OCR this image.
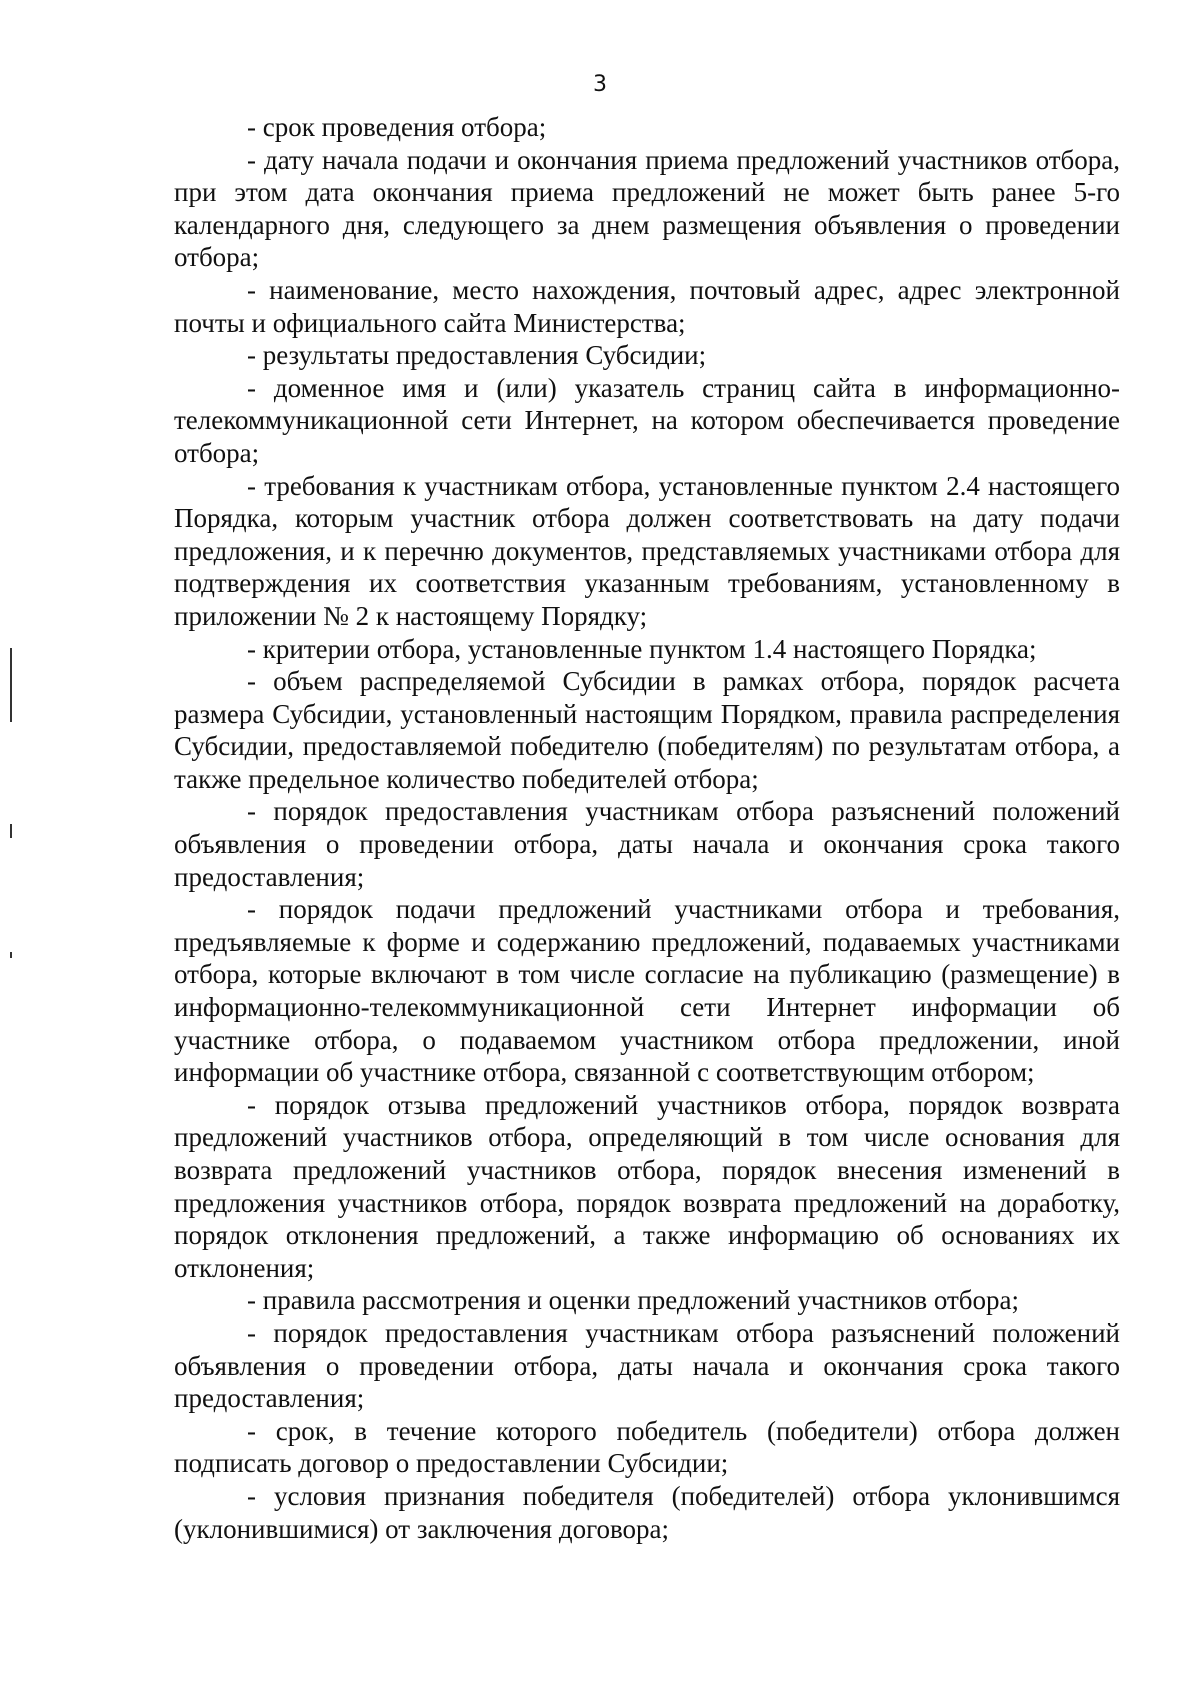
3

- срок проведения отбора;

- дату начала подачи и окончания приема предложений участников отбора, при этом дата окончания приема предложений не может быть ранее 5-го календарного дня, следующего за днем размещения объявления о проведении отбора;

- наименование, место нахождения, почтовый адрес, адрес электронной почты и официального сайта Министерства;

- результаты предоставления Субсидии;

- доменное имя и (или) указатель страниц сайта в информационно-телекоммуникационной сети Интернет, на котором обеспечивается проведение отбора;

- требования к участникам отбора, установленные пунктом 2.4 настоящего Порядка, которым участник отбора должен соответствовать на дату подачи предложения, и к перечню документов, представляемых участниками отбора для подтверждения их соответствия указанным требованиям, установленному в приложении № 2 к настоящему Порядку;

- критерии отбора, установленные пунктом 1.4 настоящего Порядка;

- объем распределяемой Субсидии в рамках отбора, порядок расчета размера Субсидии, установленный настоящим Порядком, правила распределения Субсидии, предоставляемой победителю (победителям) по результатам отбора, а также предельное количество победителей отбора;

- порядок предоставления участникам отбора разъяснений положений объявления о проведении отбора, даты начала и окончания срока такого предоставления;

- порядок подачи предложений участниками отбора и требования, предъявляемые к форме и содержанию предложений, подаваемых участниками отбора, которые включают в том числе согласие на публикацию (размещение) в информационно-телекоммуникационной сети Интернет информации об участнике отбора, о подаваемом участником отбора предложении, иной информации об участнике отбора, связанной с соответствующим отбором;

- порядок отзыва предложений участников отбора, порядок возврата предложений участников отбора, определяющий в том числе основания для возврата предложений участников отбора, порядок внесения изменений в предложения участников отбора, порядок возврата предложений на доработку, порядок отклонения предложений, а также информацию об основаниях их отклонения;

- правила рассмотрения и оценки предложений участников отбора;

- порядок предоставления участникам отбора разъяснений положений объявления о проведении отбора, даты начала и окончания срока такого предоставления;

- срок, в течение которого победитель (победители) отбора должен подписать договор о предоставлении Субсидии;

- условия признания победителя (победителей) отбора уклонившимся (уклонившимися) от заключения договора;
